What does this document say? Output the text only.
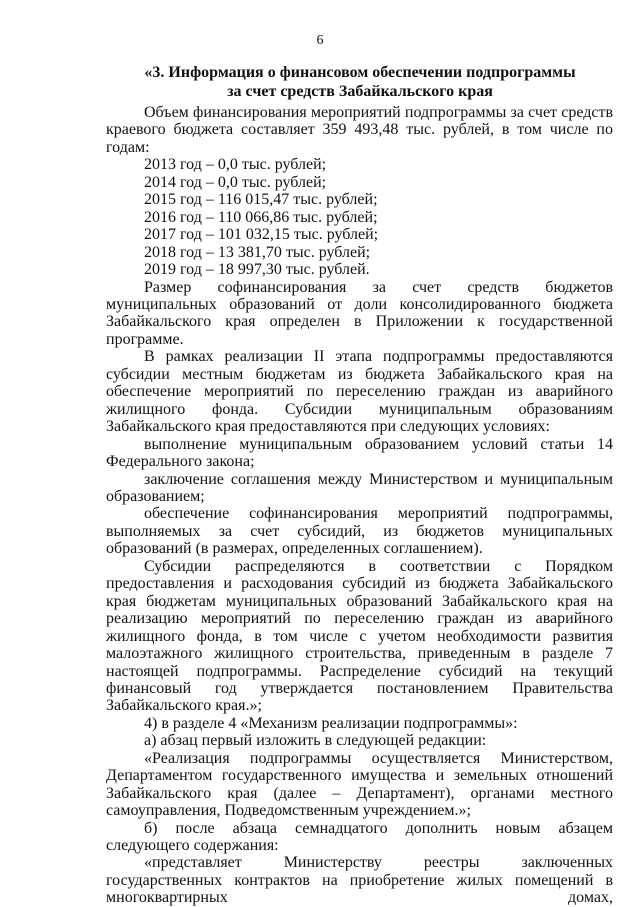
6
«3. Информация о финансовом обеспечении подпрограммы
за счет средств Забайкальского края

Объем финансирования мероприятий подпрограммы за счет средств краевого бюджета составляет 359 493,48 тыс. рублей, в том числе по годам:

2013 год – 0,0 тыс. рублей;

2014 год – 0,0 тыс. рублей;

2015 год – 116 015,47 тыс. рублей;

2016 год – 110 066,86 тыс. рублей;

2017 год – 101 032,15 тыс. рублей;

2018 год – 13 381,70 тыс. рублей;

2019 год – 18 997,30 тыс. рублей.

Размер софинансирования за счет средств бюджетов муниципальных образований от доли консолидированного бюджета Забайкальского края определен в Приложении к государственной программе.

В рамках реализации II этапа подпрограммы предоставляются субсидии местным бюджетам из бюджета Забайкальского края на обеспечение мероприятий по переселению граждан из аварийного жилищного фонда. Субсидии муниципальным образованиям Забайкальского края предоставляются при следующих условиях:

выполнение муниципальным образованием условий статьи 14 Федерального закона;

заключение соглашения между Министерством и муниципальным образованием;

обеспечение софинансирования мероприятий подпрограммы, выполняемых за счет субсидий, из бюджетов муниципальных образований (в размерах, определенных соглашением).

Субсидии распределяются в соответствии с Порядком предоставления и расходования субсидий из бюджета Забайкальского края бюджетам муниципальных образований Забайкальского края на реализацию мероприятий по переселению граждан из аварийного жилищного фонда, в том числе с учетом необходимости развития малоэтажного жилищного строительства, приведенным в разделе 7 настоящей подпрограммы. Распределение субсидий на текущий финансовый год утверждается постановлением Правительства Забайкальского края.»;

4) в разделе 4 «Механизм реализации подпрограммы»:

а) абзац первый изложить в следующей редакции:

«Реализация подпрограммы осуществляется Министерством, Департаментом государственного имущества и земельных отношений Забайкальского края (далее – Департамент), органами местного самоуправления, Подведомственным учреждением.»;

б) после абзаца семнадцатого дополнить новым абзацем следующего содержания:

«представляет Министерству реестры заключенных государственных контрактов на приобретение жилых помещений в многоквартирных домах,
